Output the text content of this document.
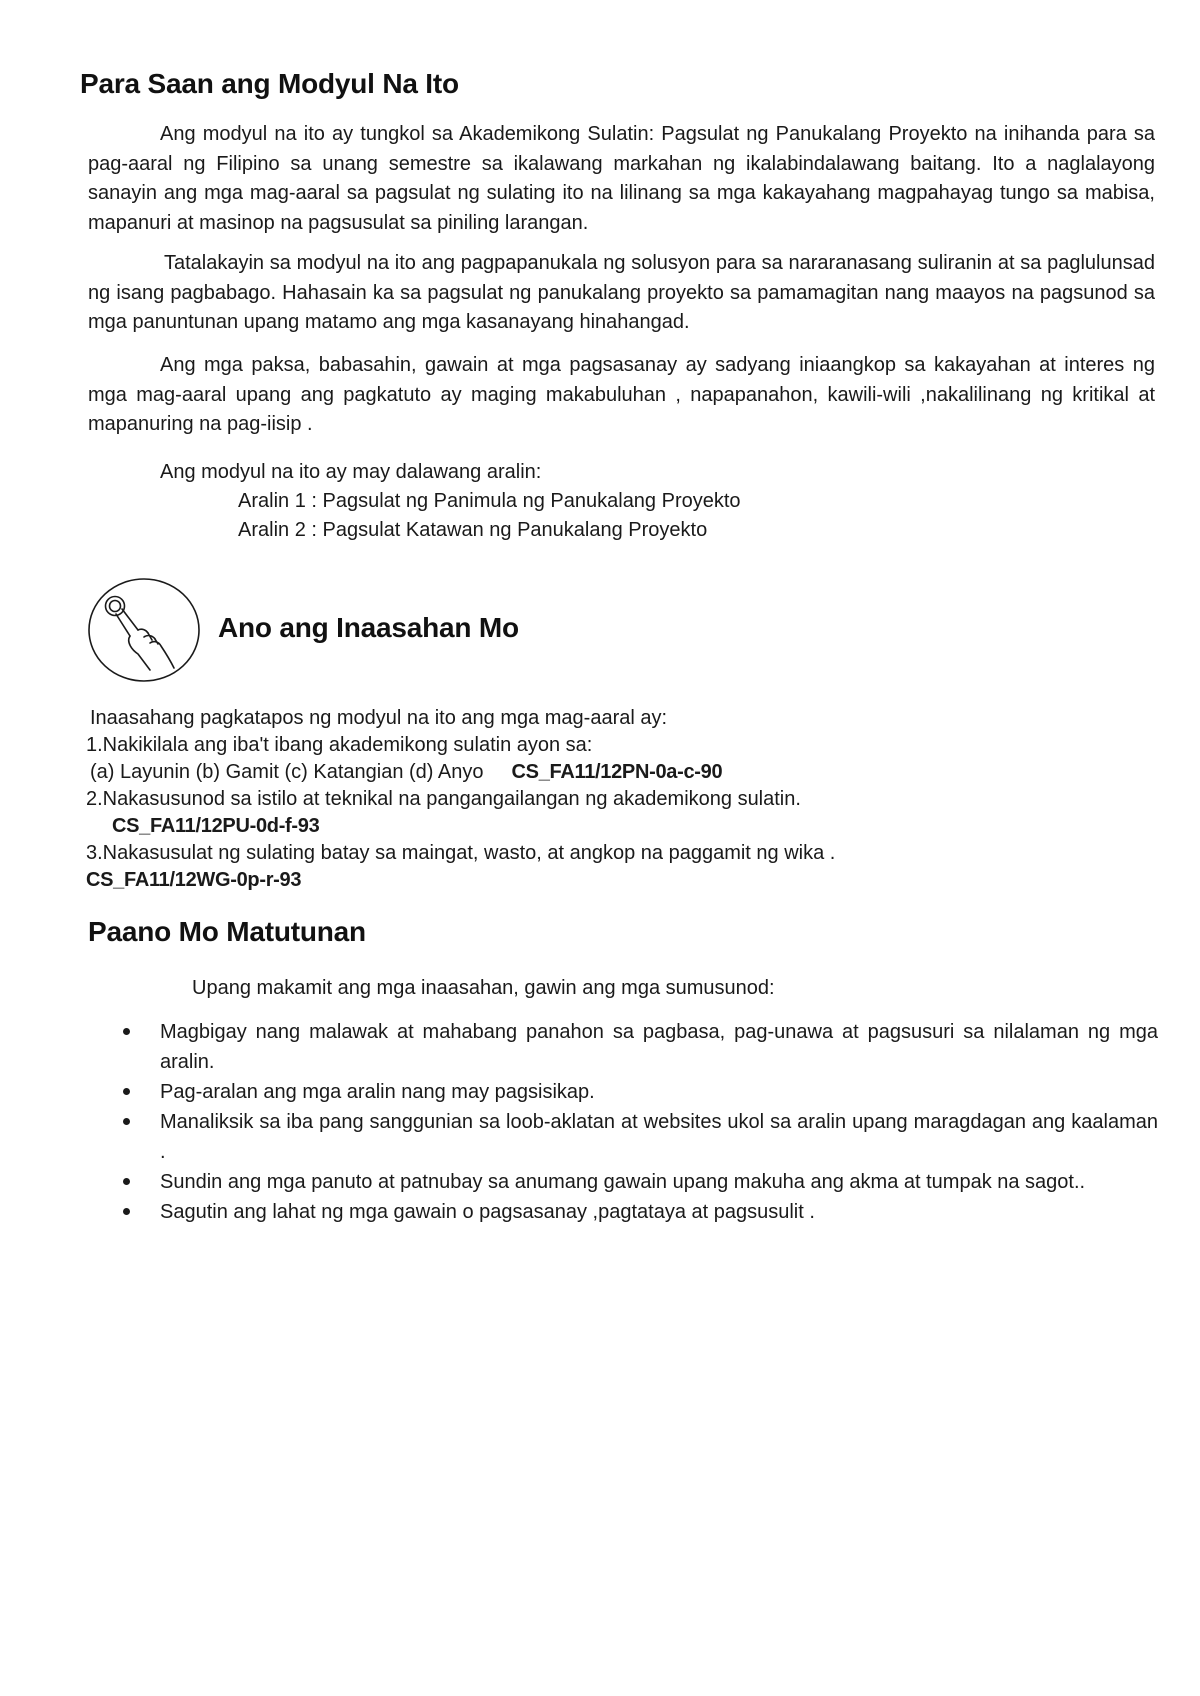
Para Saan ang Modyul Na Ito

Ang modyul na ito ay tungkol sa Akademikong Sulatin: Pagsulat ng Panukalang Proyekto na inihanda para sa pag-aaral ng Filipino sa unang semestre sa ikalawang markahan ng ikalabindalawang baitang. Ito a naglalayong sanayin ang mga mag-aaral sa pagsulat ng sulating ito na lilinang sa mga kakayahang magpahayag tungo sa mabisa, mapanuri at masinop na pagsusulat sa piniling larangan.

Tatalakayin sa modyul na ito ang pagpapanukala ng solusyon para sa nararanasang suliranin at sa paglulunsad ng isang pagbabago. Hahasain ka sa pagsulat ng panukalang proyekto sa pamamagitan nang maayos na pagsunod sa mga panuntunan upang matamo ang mga kasanayang hinahangad.

Ang mga paksa, babasahin, gawain at mga pagsasanay ay sadyang iniaangkop sa kakayahan at interes ng mga mag-aaral upang ang pagkatuto ay maging makabuluhan , napapanahon, kawili-wili ,nakalilinang ng kritikal at mapanuring na pag-iisip .

Ang modyul na ito ay may dalawang aralin:

Aralin 1 : Pagsulat ng Panimula ng Panukalang Proyekto

Aralin 2 : Pagsulat Katawan ng Panukalang Proyekto

Ano ang Inaasahan Mo

Inaasahang pagkatapos ng modyul na ito ang mga mag-aaral ay:

1.Nakikilala ang iba't ibang akademikong sulatin ayon sa:

(a) Layunin (b) Gamit (c) Katangian (d) Anyo CS_FA11/12PN-0a-c-90

2.Nakasusunod sa istilo at teknikal na pangangailangan ng akademikong sulatin.

CS_FA11/12PU-0d-f-93

3.Nakasusulat ng sulating batay sa maingat, wasto, at angkop na paggamit ng wika .

CS_FA11/12WG-0p-r-93
Paano Mo Matutunan

Upang makamit ang mga inaasahan, gawin ang mga sumusunod:

Magbigay nang malawak at mahabang panahon sa pagbasa, pag-unawa at pagsusuri sa nilalaman ng mga aralin.
Pag-aralan ang mga aralin nang may pagsisikap.
Manaliksik sa iba pang sanggunian sa loob-aklatan at websites ukol sa aralin upang maragdagan ang kaalaman .
Sundin ang mga panuto at patnubay sa anumang gawain upang makuha ang akma at tumpak na sagot..
Sagutin ang lahat ng mga gawain o pagsasanay ,pagtataya at pagsusulit .
